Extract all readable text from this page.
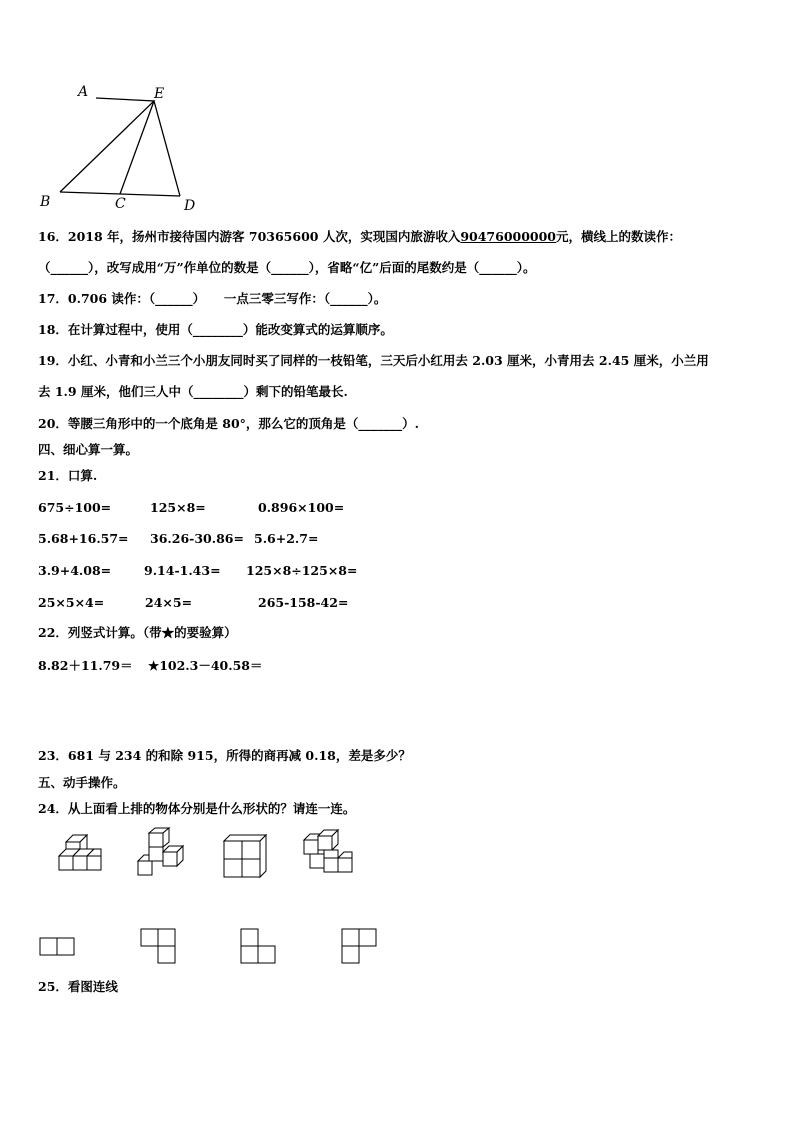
A	E
B	C	D
16．2018 年，扬州市接待国内游客 70365600 人次，实现国内旅游收入90476000000元，横线上的数读作：
（______），改写成用“万”作单位的数是（______），省略“亿”后面的尾数约是（______）。
17．0.706 读作：（______）　　一点三零三写作：（______）。
18．在计算过程中，使用（________）能改变算式的运算顺序。
19．小红、小青和小兰三个小朋友同时买了同样的一枝铅笔，三天后小红用去 2.03 厘米，小青用去 2.45 厘米，小兰用
去 1.9 厘米，他们三人中（________）剩下的铅笔最长.
20．等腰三角形中的一个底角是 80°，那么它的顶角是（_______）.
四、细心算一算。
21．口算.
675÷100=	125×8=	0.896×100=
5.68+16.57= 36.26-30.86= 5.6+2.7=
3.9+4.08=	9.14-1.43= 125×8÷125×8=
25×5×4=	24×5=	265-158-42=
22．列竖式计算。（带★的要验算）
8.82＋11.79＝ ★102.3－40.58＝
23．681 与 234 的和除 915，所得的商再减 0.18，差是多少？
五、动手操作。
24．从上面看上排的物体分别是什么形状的？请连一连。
25．看图连线
